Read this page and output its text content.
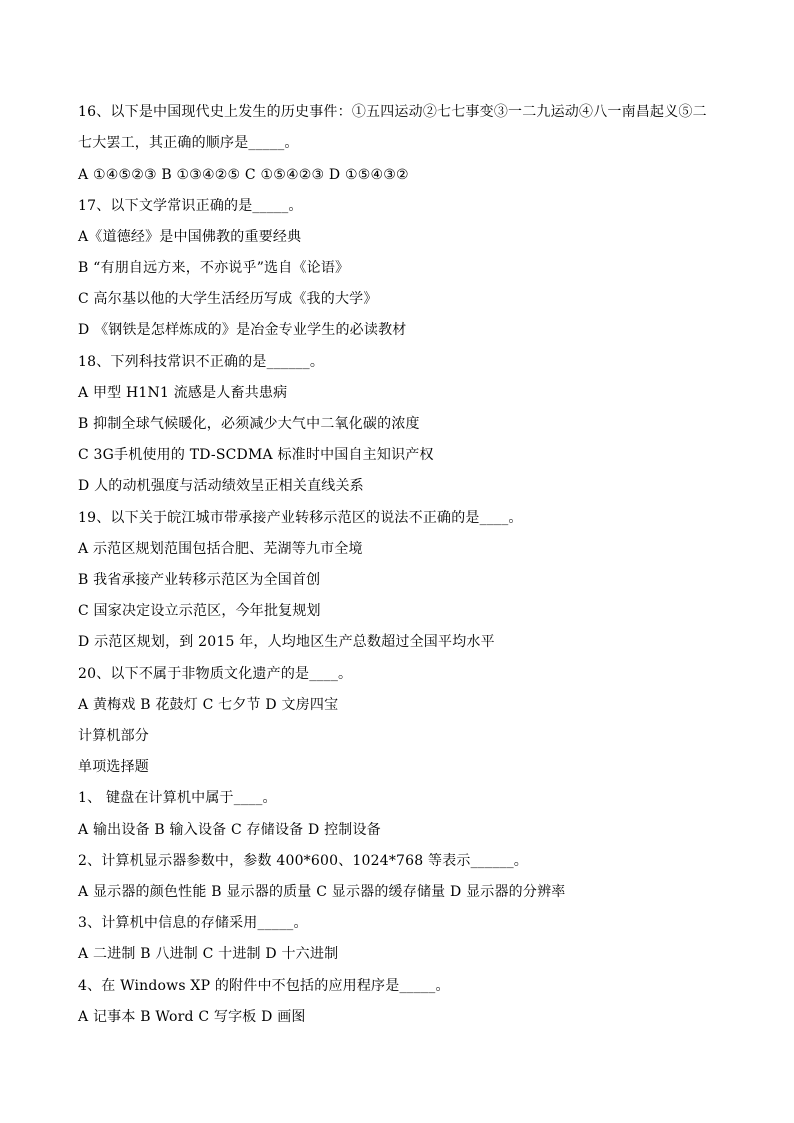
16、以下是中国现代史上发生的历史事件：①五四运动②七七事变③一二九运动④八一南昌起义⑤二
七大罢工，其正确的顺序是_____。
A ①④⑤②③ B ①③④②⑤ C ①⑤④②③ D ①⑤④③②
17、以下文学常识正确的是_____。
A《道德经》是中国佛教的重要经典
B “有朋自远方来，不亦说乎”选自《论语》
C 高尔基以他的大学生活经历写成《我的大学》
D 《钢铁是怎样炼成的》是冶金专业学生的必读教材
18、下列科技常识不正确的是______。
A 甲型 H1N1 流感是人畜共患病
B 抑制全球气候暖化，必须减少大气中二氧化碳的浓度
C 3G手机使用的 TD-SCDMA 标准时中国自主知识产权
D 人的动机强度与活动绩效呈正相关直线关系
19、以下关于皖江城市带承接产业转移示范区的说法不正确的是____。
A 示范区规划范围包括合肥、芜湖等九市全境
B 我省承接产业转移示范区为全国首创
C 国家决定设立示范区，今年批复规划
D 示范区规划，到 2015 年，人均地区生产总数超过全国平均水平
20、以下不属于非物质文化遗产的是____。
A 黄梅戏 B 花鼓灯 C 七夕节 D 文房四宝
计算机部分
单项选择题
1、 键盘在计算机中属于____。
A 输出设备 B 输入设备 C 存储设备 D 控制设备
2、计算机显示器参数中，参数 400*600、1024*768 等表示______。
A 显示器的颜色性能 B 显示器的质量 C 显示器的缓存储量 D 显示器的分辨率
3、计算机中信息的存储采用_____。
A 二进制 B 八进制 C 十进制 D 十六进制
4、在 Windows XP 的附件中不包括的应用程序是_____。
A 记事本 B Word C 写字板 D 画图
